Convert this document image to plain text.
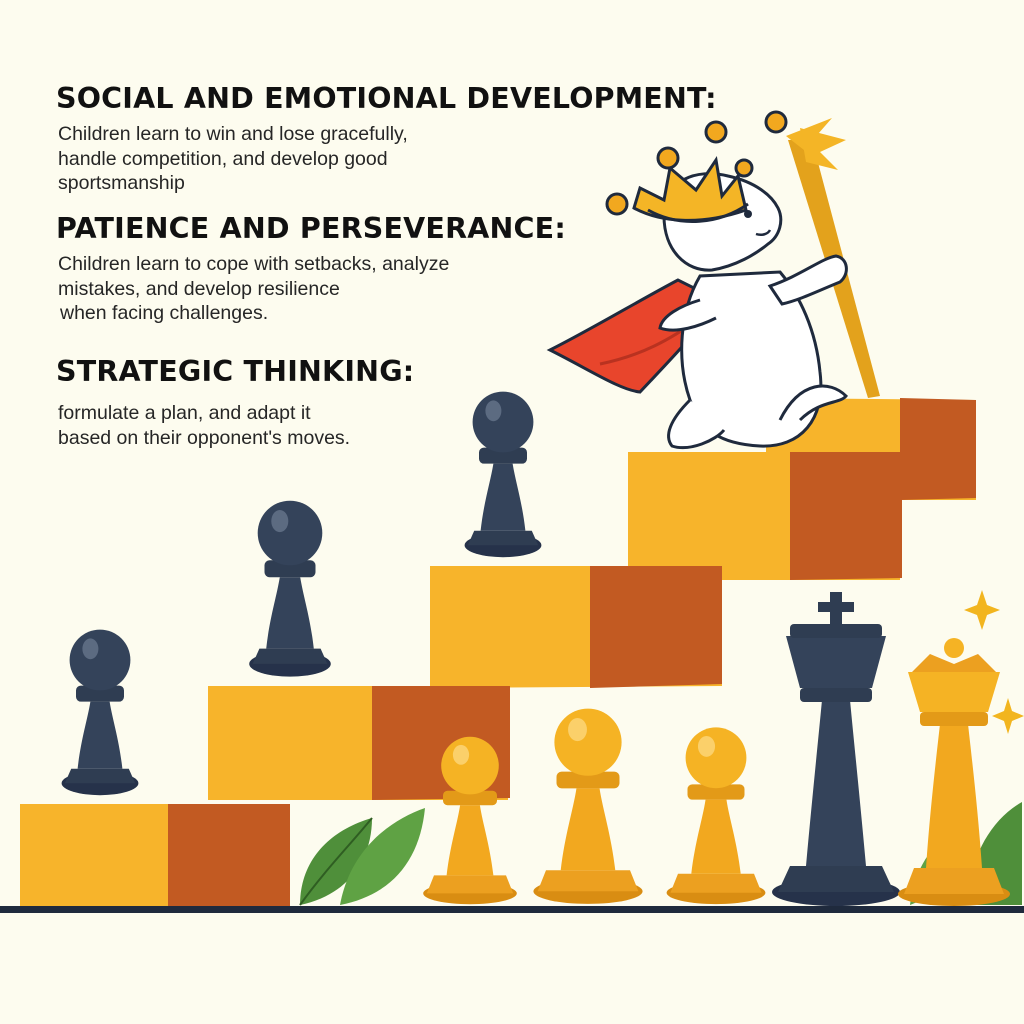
SOCIAL AND EMOTIONAL DEVELOPMENT:

Children learn to win and lose gracefully,
handle competition, and develop good
sportsmanship

PATIENCE AND PERSEVERANCE:

Children learn to cope with setbacks, analyze
mistakes, and develop resilience
when facing challenges.

STRATEGIC THINKING:

formulate a plan, and adapt it
based on their opponent's moves.
